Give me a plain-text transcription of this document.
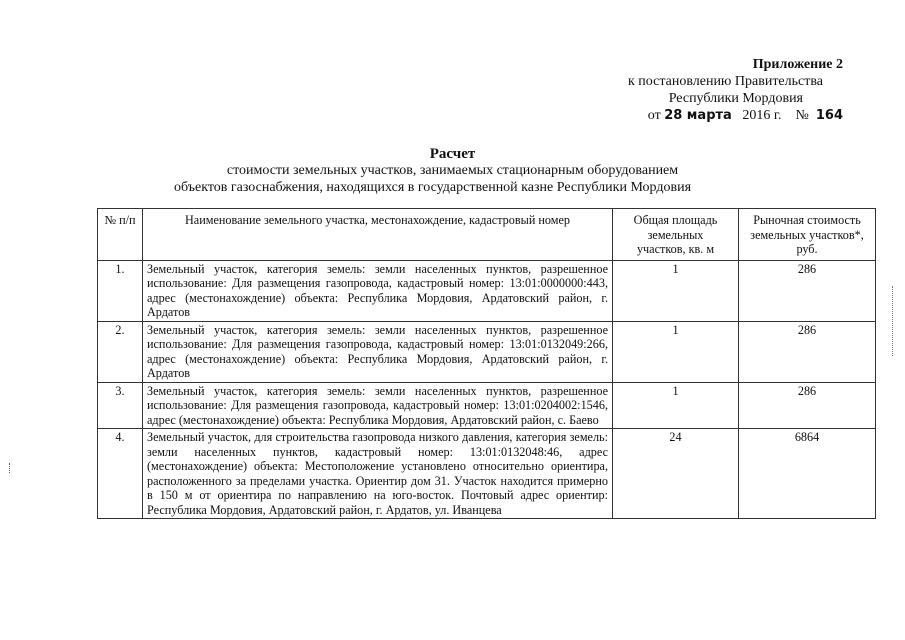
Приложение 2
к постановлению Правительства
Республики Мордовия
от 28 марта 2016 г. № 164
Расчет
стоимости земельных участков, занимаемых стационарным оборудованием
объектов газоснабжения, находящихся в государственной казне Республики Мордовия
№ п/п	Наименование земельного участка, местонахождение, кадастровый номер	Общая площадь земельных участков, кв. м	Рыночная стоимость земельных участков*, руб.
1.	Земельный участок, категория земель: земли населенных пунктов, разрешенное использование: Для размещения газопровода, кадастровый номер: 13:01:0000000:443, адрес (местонахождение) объекта: Республика Мордовия, Ардатовский район, г. Ардатов	1	286
2.	Земельный участок, категория земель: земли населенных пунктов, разрешенное использование: Для размещения газопровода, кадастровый номер: 13:01:0132049:266, адрес (местонахождение) объекта: Республика Мордовия, Ардатовский район, г. Ардатов	1	286
3.	Земельный участок, категория земель: земли населенных пунктов, разрешенное использование: Для размещения газопровода, кадастровый номер: 13:01:0204002:1546, адрес (местонахождение) объекта: Республика Мордовия, Ардатовский район, с. Баево	1	286
4.	Земельный участок, для строительства газопровода низкого давления, категория земель: земли населенных пунктов, кадастровый номер: 13:01:0132048:46, адрес (местонахождение) объекта: Местоположение установлено относительно ориентира, расположенного за пределами участка. Ориентир дом 31. Участок находится примерно в 150 м от ориентира по направлению на юго-восток. Почтовый адрес ориентир: Республика Мордовия, Ардатовский район, г. Ардатов, ул. Иванцева	24	6864
